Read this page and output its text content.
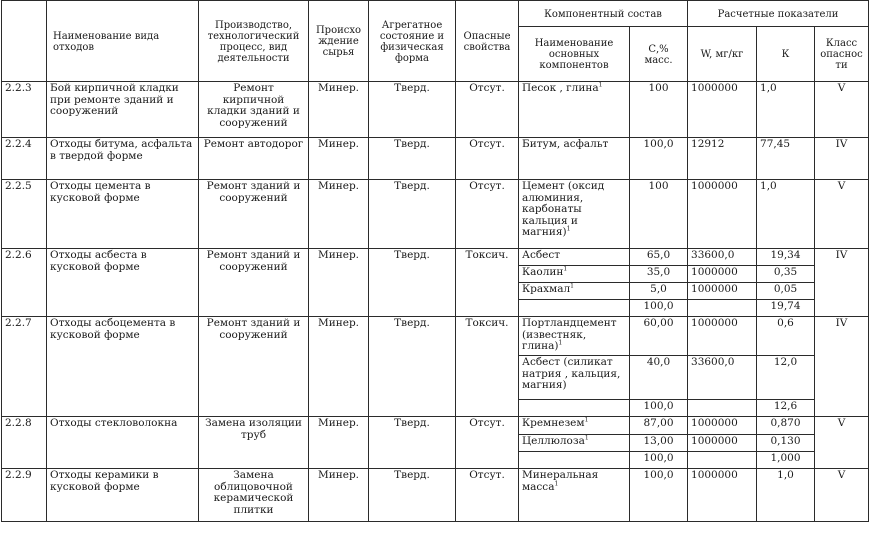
	Наименование вида отходов	Производство, технологический процесс, вид деятельности	Происхождение сырья	Агрегатное состояние и физическая форма	Опасные свойства	Компонентный состав		Расчетные показатели		
						Наименование основных компонентов	С,% масс.	W, мг/кг	К	Класс опасности
2.2.3	Бой кирпичной кладки при ремонте зданий и сооружений	Ремонт кирпичной кладки зданий и сооружений	Минер.	Тверд.	Отсут.	Песок , глина$^1$	100	1000000	1,0	V
2.2.4	Отходы битума, асфальта в твердой форме	Ремонт автодорог	Минер.	Тверд.	Отсут.	Битум, асфальт	100,0	12912	77,45	IV
2.2.5	Отходы цемента в кусковой форме	Ремонт зданий и сооружений	Минер.	Тверд.	Отсут.	Цемент (оксид алюминия, карбонаты кальция и магния)$^1$	100	1000000	1,0	V
2.2.6	Отходы асбеста в кусковой форме	Ремонт зданий и сооружений	Минер.	Тверд.	Токсич.	Асбест	65,0	33600,0	19,34	IV
						Каолин$^1$	35,0	1000000	0,35	
						Крахмал$^1$	5,0	1000000	0,05	
							100,0		19,74	
2.2.7	Отходы асбоцемента в кусковой форме	Ремонт зданий и сооружений	Минер.	Тверд.	Токсич.	Портландцемент (известняк, глина)$^1$	60,00	1000000	0,6	IV
						Асбест (силикат натрия , кальция, магния)	40,0	33600,0	12,0	
							100,0		12,6	
2.2.8	Отходы стекловолокна	Замена изоляции труб	Минер.	Тверд.	Отсут.	Кремнезем$^1$	87,00	1000000	0,870	V
						Целлюлоза$^1$	13,00	1000000	0,130	
							100,0		1,000	
2.2.9	Отходы керамики в кусковой форме	Замена облицовочной керамической плитки	Минер.	Тверд.	Отсут.	Минеральная масса$^1$	100,0	1000000	1,0	V
